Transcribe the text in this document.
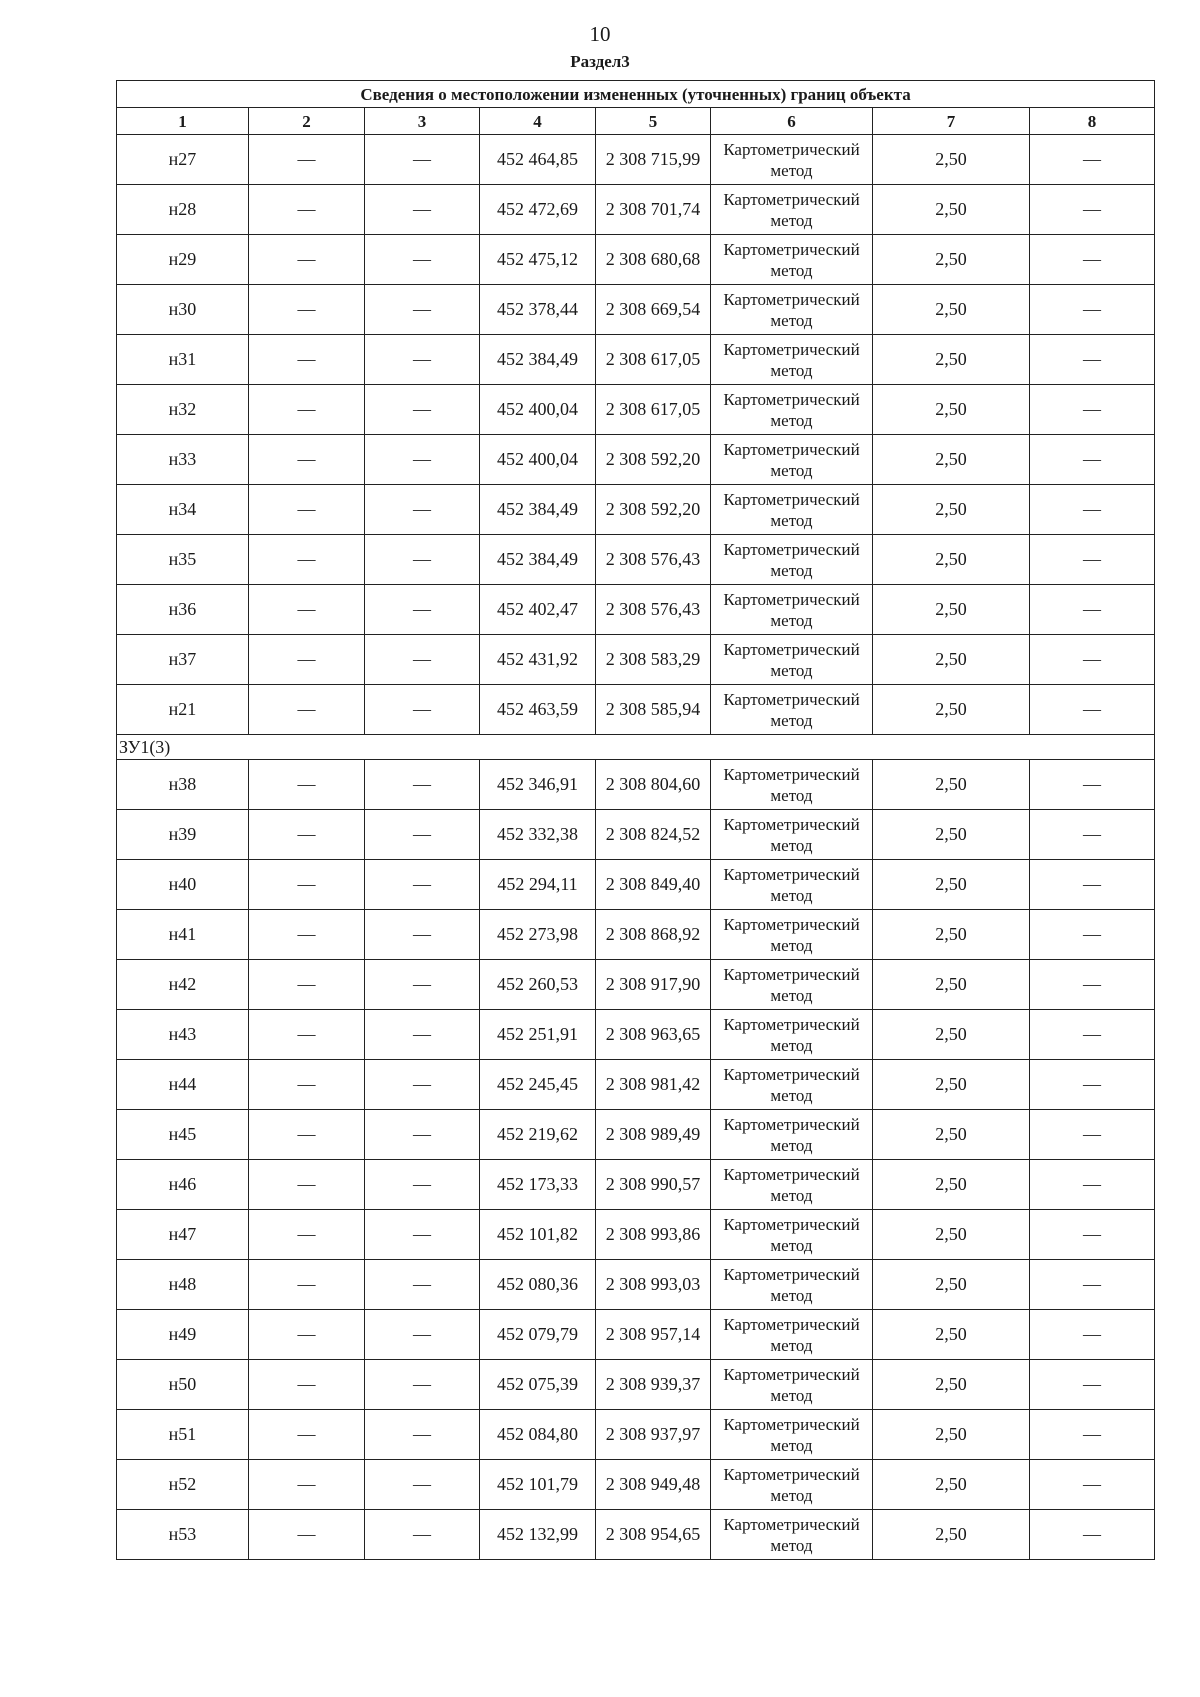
10
Раздел3
Сведения о местоположении измененных (уточненных) границ объекта							
1	2	3	4	5	6	7	8
н27	—	—	452 464,85	2 308 715,99	Картометрический метод	2,50	—
н28	—	—	452 472,69	2 308 701,74	Картометрический метод	2,50	—
н29	—	—	452 475,12	2 308 680,68	Картометрический метод	2,50	—
н30	—	—	452 378,44	2 308 669,54	Картометрический метод	2,50	—
н31	—	—	452 384,49	2 308 617,05	Картометрический метод	2,50	—
н32	—	—	452 400,04	2 308 617,05	Картометрический метод	2,50	—
н33	—	—	452 400,04	2 308 592,20	Картометрический метод	2,50	—
н34	—	—	452 384,49	2 308 592,20	Картометрический метод	2,50	—
н35	—	—	452 384,49	2 308 576,43	Картометрический метод	2,50	—
н36	—	—	452 402,47	2 308 576,43	Картометрический метод	2,50	—
н37	—	—	452 431,92	2 308 583,29	Картометрический метод	2,50	—
н21	—	—	452 463,59	2 308 585,94	Картометрический метод	2,50	—
ЗУ1(3)							
н38	—	—	452 346,91	2 308 804,60	Картометрический метод	2,50	—
н39	—	—	452 332,38	2 308 824,52	Картометрический метод	2,50	—
н40	—	—	452 294,11	2 308 849,40	Картометрический метод	2,50	—
н41	—	—	452 273,98	2 308 868,92	Картометрический метод	2,50	—
н42	—	—	452 260,53	2 308 917,90	Картометрический метод	2,50	—
н43	—	—	452 251,91	2 308 963,65	Картометрический метод	2,50	—
н44	—	—	452 245,45	2 308 981,42	Картометрический метод	2,50	—
н45	—	—	452 219,62	2 308 989,49	Картометрический метод	2,50	—
н46	—	—	452 173,33	2 308 990,57	Картометрический метод	2,50	—
н47	—	—	452 101,82	2 308 993,86	Картометрический метод	2,50	—
н48	—	—	452 080,36	2 308 993,03	Картометрический метод	2,50	—
н49	—	—	452 079,79	2 308 957,14	Картометрический метод	2,50	—
н50	—	—	452 075,39	2 308 939,37	Картометрический метод	2,50	—
н51	—	—	452 084,80	2 308 937,97	Картометрический метод	2,50	—
н52	—	—	452 101,79	2 308 949,48	Картометрический метод	2,50	—
н53	—	—	452 132,99	2 308 954,65	Картометрический метод	2,50	—
